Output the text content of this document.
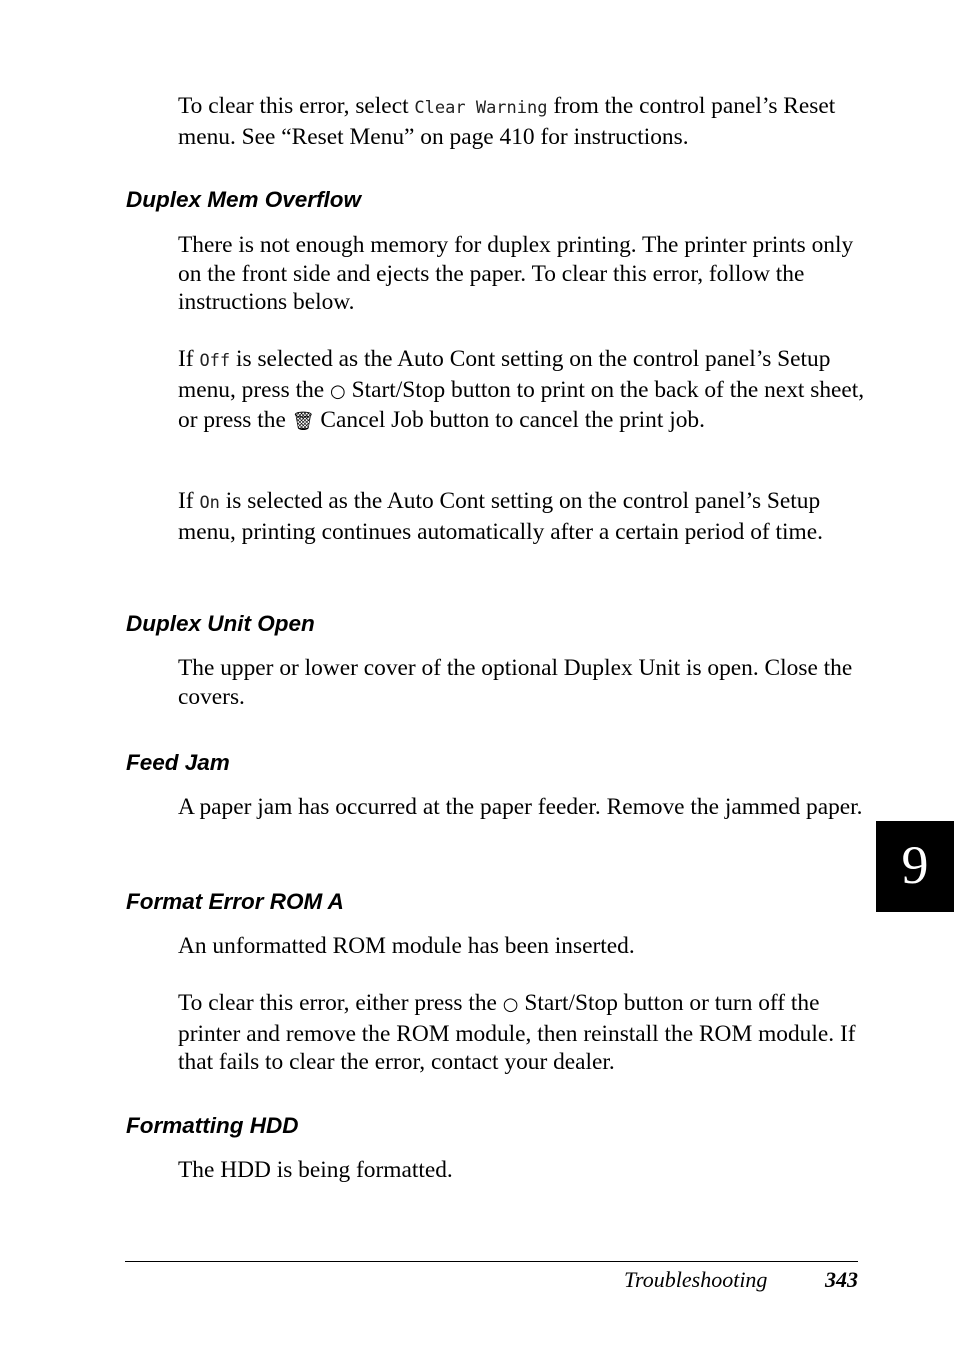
To clear this error, select Clear Warning from the control panel’s Reset menu. See “Reset Menu” on page 410 for instructions.

Duplex Mem Overflow

There is not enough memory for duplex printing. The printer prints only on the front side and ejects the paper. To clear this error, follow the instructions below.

If Off is selected as the Auto Cont setting on the control panel’s Setup menu, press the ○ Start/Stop button to print on the back of the next sheet, or press the 🗑 Cancel Job button to cancel the print job.

If On is selected as the Auto Cont setting on the control panel’s Setup menu, printing continues automatically after a certain period of time.

Duplex Unit Open

The upper or lower cover of the optional Duplex Unit is open. Close the covers.

Feed Jam

A paper jam has occurred at the paper feeder. Remove the jammed paper.

Format Error ROM A

An unformatted ROM module has been inserted.

To clear this error, either press the ○ Start/Stop button or turn off the printer and remove the ROM module, then reinstall the ROM module. If that fails to clear the error, contact your dealer.

Formatting HDD

The HDD is being formatted.

9
Troubleshooting	343
